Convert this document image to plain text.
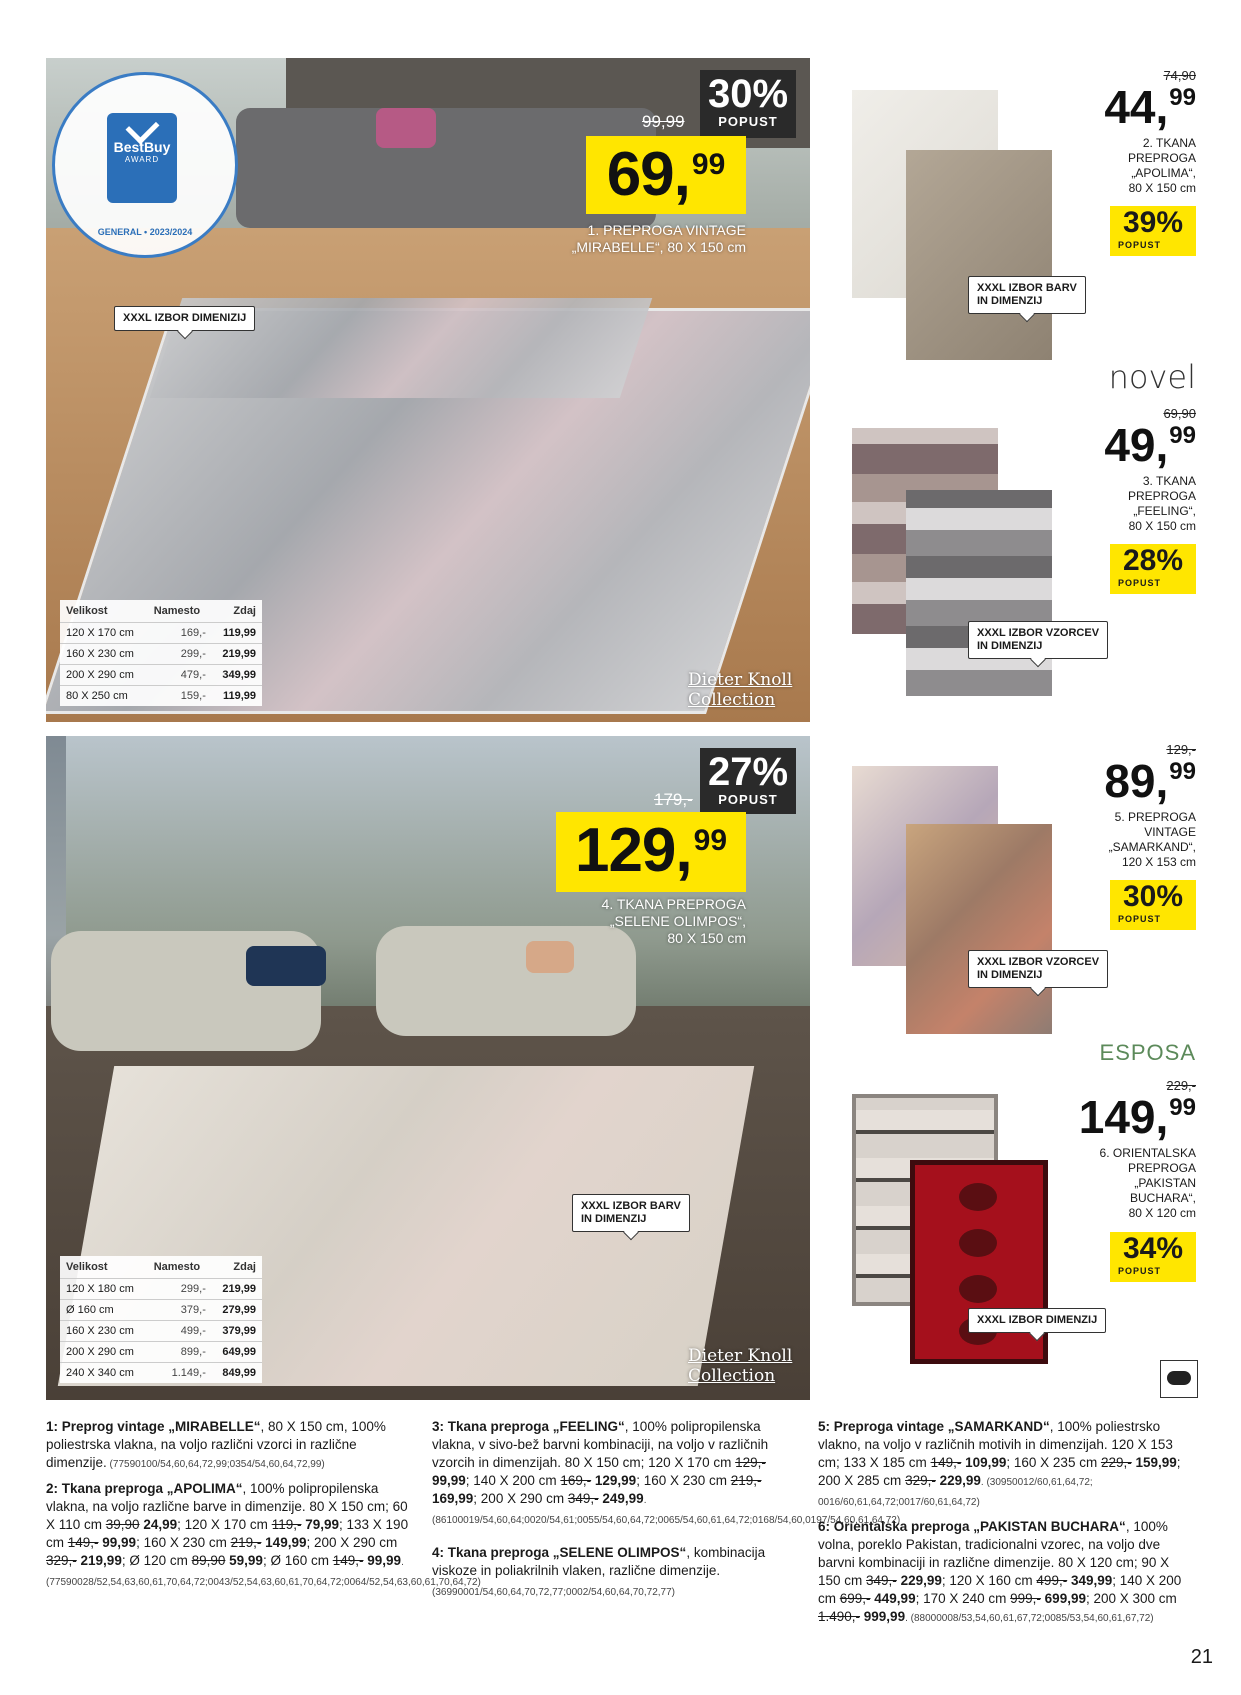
BestBuy
AWARD
GENERAL • 2023/2024
30%
POPUST
99,99
69, 99
1. PREPROGA VINTAGE
„MIRABELLE“, 80 X 150 cm
XXXL IZBOR DIMENIZIJ
Velikost	Namesto	Zdaj
120 X 170 cm	169,-	119,99
160 X 230 cm	299,-	219,99
200 X 290 cm	479,-	349,99
80 X 250 cm	159,-	119,99
Dieter Knoll
Collection
27%
POPUST
179,-
129, 99
4. TKANA PREPROGA
„SELENE OLIMPOS“,
80 X 150 cm
XXXL IZBOR BARV
IN DIMENZIJ
Velikost	Namesto	Zdaj
120 X 180 cm	299,-	219,99
Ø 160 cm	379,-	279,99
160 X 230 cm	499,-	379,99
200 X 290 cm	899,-	649,99
240 X 340 cm	1.149,-	849,99
Dieter Knoll
Collection
XXXL IZBOR BARV
IN DIMENZIJ
74,90
44, 99
2. TKANA
PREPROGA
„APOLIMA“,
80 X 150 cm
39%
POPUST
novel
XXXL IZBOR VZORCEV
IN DIMENZIJ
69,90
49, 99
3. TKANA
PREPROGA
„FEELING“,
80 X 150 cm
28%
POPUST
XXXL IZBOR VZORCEV
IN DIMENZIJ
129,-
89, 99
5. PREPROGA
VINTAGE
„SAMARKAND“,
120 X 153 cm
30%
POPUST
ESPOSA
XXXL IZBOR DIMENZIJ
229,-
149, 99
6. ORIENTALSKA
PREPROGA
„PAKISTAN
BUCHARA“,
80 X 120 cm
34%
POPUST
1: Preprog vintage „MIRABELLE“, 80 X 150 cm, 100% poliestrska vlakna, na voljo različni vzorci in različne dimenzije. (77590100/54,60,64,72,99;0354/54,60,64,72,99)
2: Tkana preproga „APOLIMA“, 100% polipropilenska vlakna, na voljo različne barve in dimenzije. 80 X 150 cm; 60 X 110 cm 39,90 24,99; 120 X 170 cm 119,- 79,99; 133 X 190 cm 149,- 99,99; 160 X 230 cm 219,- 149,99; 200 X 290 cm 329,- 219,99; Ø 120 cm 89,90 59,99; Ø 160 cm 149,- 99,99. (77590028/52,54,63,60,61,70,64,72;0043/52,54,63,60,61,70,64,72;0064/52,54,63,60,61,70,64,72)
3: Tkana preproga „FEELING“, 100% polipropilenska vlakna, v sivo-bež barvni kombinaciji, na voljo v različnih vzorcih in dimenzijah. 80 X 150 cm; 120 X 170 cm 129,- 99,99; 140 X 200 cm 169,- 129,99; 160 X 230 cm 219,- 169,99; 200 X 290 cm 349,- 249,99. (86100019/54,60,64;0020/54,61;0055/54,60,64,72;0065/54,60,61,64,72;0168/54,60,0197/54,60,61,64,72)
4: Tkana preproga „SELENE OLIMPOS“, kombinacija viskoze in poliakrilnih vlaken, različne dimenzije. (36990001/54,60,64,70,72,77;0002/54,60,64,70,72,77)
5: Preproga vintage „SAMARKAND“, 100% poliestrsko vlakno, na voljo v različnih motivih in dimenzijah. 120 X 153 cm; 133 X 185 cm 149,- 109,99; 160 X 235 cm 229,- 159,99; 200 X 285 cm 329,- 229,99. (30950012/60,61,64,72; 0016/60,61,64,72;0017/60,61,64,72)
6: Orientalska preproga „PAKISTAN BUCHARA“, 100% volna, poreklo Pakistan, tradicionalni vzorec, na voljo dve barvni kombinaciji in različne dimenzije. 80 X 120 cm; 90 X 150 cm 349,- 229,99; 120 X 160 cm 499,- 349,99; 140 X 200 cm 699,- 449,99; 170 X 240 cm 999,- 699,99; 200 X 300 cm 1.490,- 999,99. (88000008/53,54,60,61,67,72;0085/53,54,60,61,67,72)
21
